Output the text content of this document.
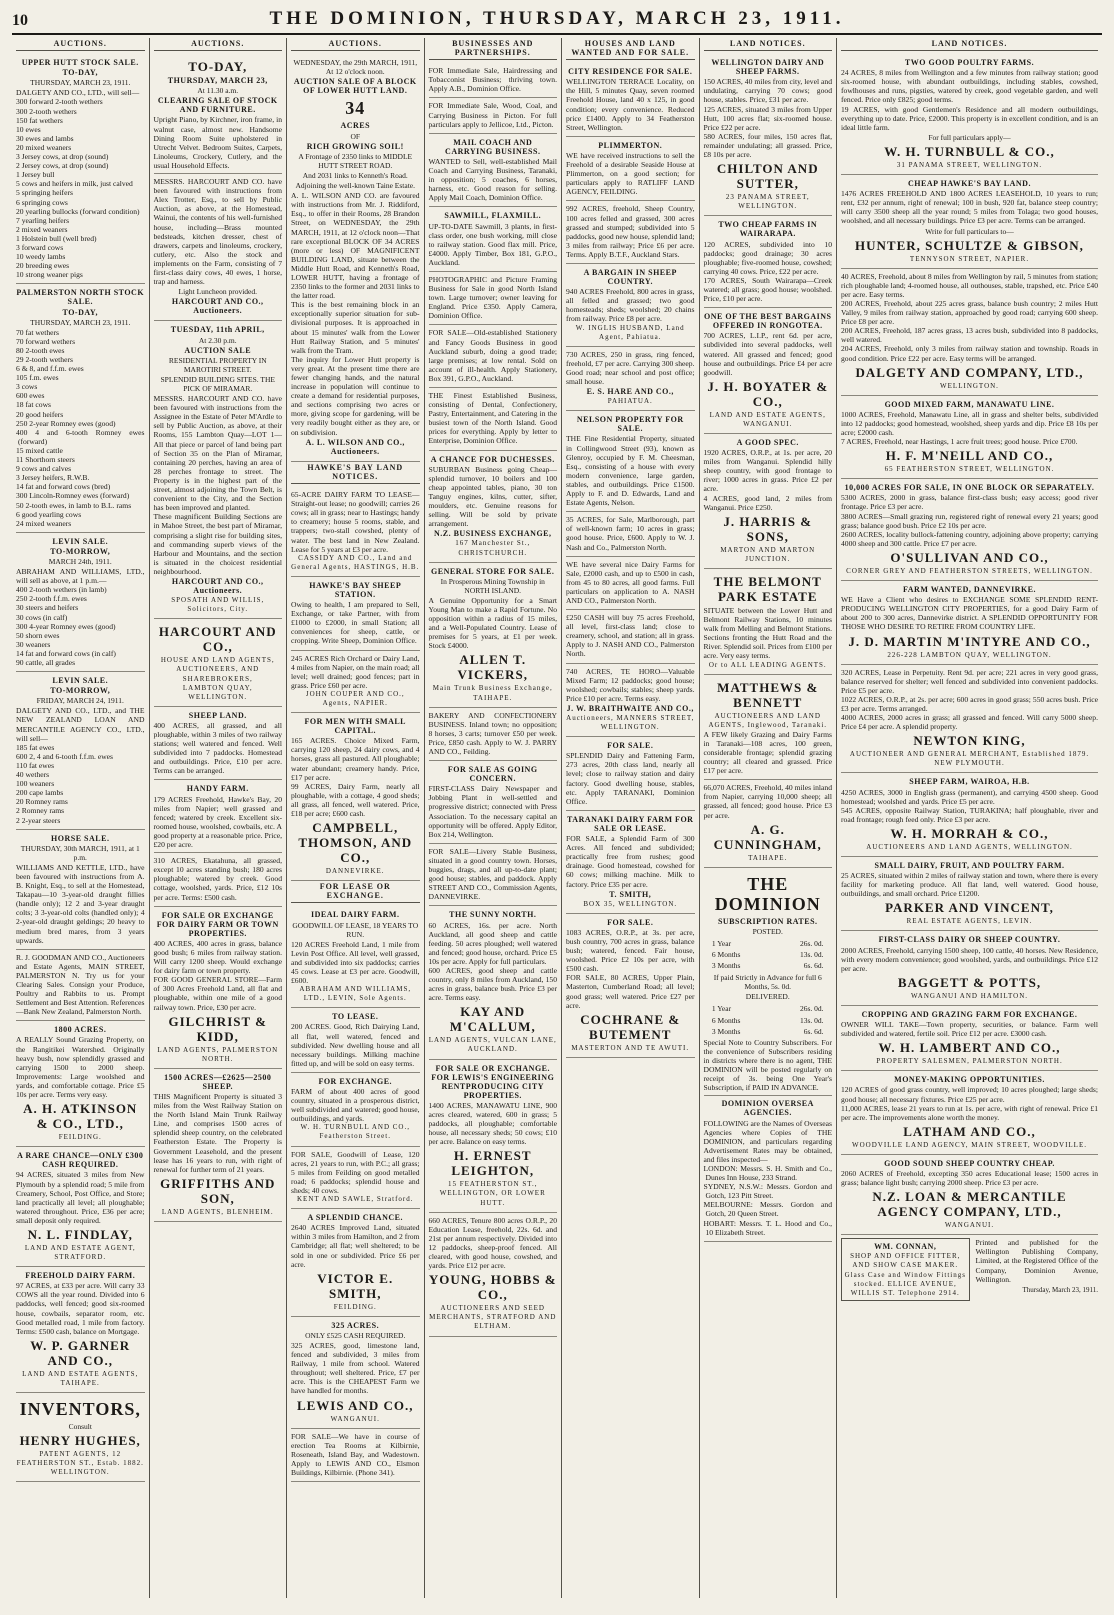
10	THE DOMINION, THURSDAY, MARCH 23, 1911.
AUCTIONS.
UPPER HUTT STOCK SALE.
TO-DAY,
THURSDAY, MARCH 23, 1911.
DALGETY AND CO., LTD., will sell—
300 forward 2-tooth wethers
300 2-tooth wethers
150 fat wethers
10 ewes
30 ewes and lambs
20 mixed weaners
3 Jersey cows, at drop (sound)
2 Jersey cows, at drop (sound)
1 Jersey bull
5 cows and heifers in milk, just calved
5 springing heifers
6 springing cows
20 yearling bullocks (forward condition)
7 yearling heifers
2 mixed weaners
1 Holstein bull (well bred)
3 forward cows
10 weedy lambs
20 breeding ewes
10 strong weaner pigs
PALMERSTON NORTH STOCK SALE.
TO-DAY,
THURSDAY, MARCH 23, 1911.
70 fat wethers
70 forward wethers
80 2-tooth ewes
29 2-tooth wethers
6 & 8, and f.f.m. ewes
105 f.m. ewes
3 cows
600 ewes
18 fat cows
20 good heifers
250 2-year Romney ewes (good)
400 4 and 6-tooth Romney ewes (forward)
15 mixed cattle
11 Shorthorn steers
9 cows and calves
3 Jersey heifers, R.W.B.
14 fat and forward cows (bred)
300 Lincoln-Romney ewes (forward)
50 2-tooth ewes, in lamb to B.L. rams
6 good yearling cows
24 mixed weaners
LEVIN SALE.
TO-MORROW,
MARCH 24th, 1911.
ABRAHAM AND WILLIAMS, LTD., will sell as above, at 1 p.m.—
400 2-tooth wethers (in lamb)
250 2-tooth f.f.m. ewes
30 steers and heifers
30 cows (in calf)
300 4-year Romney ewes (good)
50 shorn ewes
30 weaners
14 fat and forward cows (in calf)
90 cattle, all grades
LEVIN SALE.
TO-MORROW,
FRIDAY, MARCH 24, 1911.
DALGETY AND CO., LTD., and THE NEW ZEALAND LOAN AND MERCANTILE AGENCY CO., LTD., will sell—
185 fat ewes
600 2, 4 and 6-tooth f.f.m. ewes
110 fat ewes
40 wethers
100 weaners
200 cape lambs
20 Romney rams
2 Romney rams
2 2-year steers
HORSE SALE.
THURSDAY, 30th MARCH, 1911, at 1 p.m.
WILLIAMS AND KETTLE, LTD., have been favoured with instructions from A. B. Knight, Esq., to sell at the Homestead, Takapau—10 3-year-old draught fillies (handle only); 12 2 and 3-year draught colts; 3 3-year-old colts (handled only); 4 2-year-old draught geldings; 20 heavy to medium bred mares, from 3 years upwards.
R. J. GOODMAN AND CO., Auctioneers and Estate Agents, MAIN STREET, PALMERSTON N. Try us for your Clearing Sales. Consign your Produce, Poultry and Rabbits to us. Prompt Settlement and Best Attention. References—Bank New Zealand, Palmerston North.
1800 ACRES.
A REALLY Sound Grazing Property, on the Rangitikei Watershed. Originally heavy bush, now splendidly grassed and carrying 1500 to 2000 sheep. Improvements: Large woolshed and yards, and comfortable cottage. Price £5 10s per acre. Terms very easy.
A. H. ATKINSON & CO., LTD.,
FEILDING.
A RARE CHANCE—ONLY £300 CASH REQUIRED.
94 ACRES, situated 3 miles from New Plymouth by a splendid road; 5 mile from Creamery, School, Post Office, and Store; land practically all level; all ploughable; watered throughout. Price, £36 per acre; small deposit only required.
N. L. FINDLAY,
LAND AND ESTATE AGENT, STRATFORD.
FREEHOLD DAIRY FARM.
97 ACRES, at £33 per acre. Will carry 33 COWS all the year round. Divided into 6 paddocks, well fenced; good six-roomed house, cowbails, separator room, etc. Good metalled road, 1 mile from factory. Terms: £500 cash, balance on Mortgage.
W. P. GARNER AND CO.,
LAND AND ESTATE AGENTS, TAIHAPE.
INVENTORS,
Consult
HENRY HUGHES,
PATENT AGENTS, 12 FEATHERSTON ST., Estab. 1882. WELLINGTON.
AUCTIONS.
TO-DAY,
THURSDAY, MARCH 23,
At 11.30 a.m.
CLEARING SALE OF STOCK AND FURNITURE.
Upright Piano, by Kirchner, iron frame, in walnut case, almost new. Handsome Dining Room Suite upholstered in Utrecht Velvet. Bedroom Suites, Carpets, Linoleums, Crockery, Cutlery, and the usual Household Effects.
MESSRS. HARCOURT AND CO. have been favoured with instructions from Alex Trotter, Esq., to sell by Public Auction, as above, at the Homestead, Wainui, the contents of his well-furnished house, including—Brass mounted bedsteads, kitchen dresser, chest of drawers, carpets and linoleums, crockery, cutlery, etc. Also the stock and implements on the Farm, consisting of 7 first-class dairy cows, 40 ewes, 1 horse, trap and harness.
Light Luncheon provided.
HARCOURT AND CO., Auctioneers.
TUESDAY, 11th APRIL,
At 2.30 p.m.
AUCTION SALE
RESIDENTIAL PROPERTY IN MAROTIRI STREET.
SPLENDID BUILDING SITES. THE PICK OF MIRAMAR.
MESSRS. HARCOURT AND CO. have been favoured with instructions from the Assignee in the Estate of Peter M'Ardle to sell by Public Auction, as above, at their Rooms, 155 Lambton Quay—LOT 1—All that piece or parcel of land being part of Section 35 on the Plan of Miramar, containing 20 perches, having an area of 28 perches frontage to street. The Property is in the highest part of the street, almost adjoining the Town Belt, is convenient to the City, and the Section has been improved and planted.
These magnificent Building Sections are in Mahoe Street, the best part of Miramar, comprising a slight rise for building sites, and commanding superb views of the Harbour and Mountains, and the section is situated in the choicest residential neighbourhood.
HARCOURT AND CO., Auctioneers.
SPOSATH AND WILLIS, Solicitors, City.
HARCOURT AND CO.,
HOUSE AND LAND AGENTS, AUCTIONEERS, AND SHAREBROKERS,
LAMBTON QUAY, WELLINGTON.
SHEEP LAND.
400 ACRES, all grassed, and all ploughable, within 3 miles of two railway stations; well watered and fenced. Well subdivided into 7 paddocks. Homestead and outbuildings. Price, £10 per acre. Terms can be arranged.
HANDY FARM.
179 ACRES Freehold, Hawke's Bay, 20 miles from Napier; well grassed and fenced; watered by creek. Excellent six-roomed house, woolshed, cowbails, etc. A good property at a reasonable price. Price, £20 per acre.
310 ACRES, Ekatahuna, all grassed, except 10 acres standing bush; 180 acres ploughable; watered by creek. Good cottage, woolshed, yards. Price, £12 10s per acre. Terms: £500 cash.
FOR SALE OR EXCHANGE FOR DAIRY FARM OR TOWN PROPERTIES.
400 ACRES, 400 acres in grass, balance good bush; 6 miles from railway station. Will carry 1200 sheep. Would exchange for dairy farm or town property.
FOR GOOD GENERAL STORE—Farm of 300 Acres Freehold Land, all flat and ploughable, within one mile of a good railway town. Price, £30 per acre.
GILCHRIST & KIDD,
LAND AGENTS, PALMERSTON NORTH.
1500 ACRES—£2625—2500 SHEEP.
THIS Magnificent Property is situated 3 miles from the West Railway Station on the North Island Main Trunk Railway Line, and comprises 1500 acres of splendid sheep country, on the celebrated Featherston Estate. The Property is Government Leasehold, and the present lease has 16 years to run, with right of renewal for further term of 21 years.
GRIFFITHS AND SON,
LAND AGENTS, BLENHEIM.
AUCTIONS.
WEDNESDAY, the 29th MARCH, 1911, At 12 o'clock noon.
AUCTION SALE OF A BLOCK OF LOWER HUTT LAND.
34
ACRES
OF
RICH GROWING SOIL!
A Frontage of 2350 links to MIDDLE HUTT STREET ROAD.
And 2031 links to Kenneth's Road.
Adjoining the well-known Taine Estate.
A. L. WILSON AND CO. are favoured with instructions from Mr. J. Riddiford, Esq., to offer in their Rooms, 28 Brandon Street, on WEDNESDAY, the 29th MARCH, 1911, at 12 o'clock noon—That rare exceptional BLOCK OF 34 ACRES (more or less) OF MAGNIFICENT BUILDING LAND, situate between the Middle Hutt Road, and Kenneth's Road, LOWER HUTT, having a frontage of 2350 links to the former and 2031 links to the latter road.
This is the best remaining block in an exceptionally superior situation for sub-divisional purposes. It is approached in about 15 minutes' walk from the Lower Hutt Railway Station, and 5 minutes' walk from the Tram.
The inquiry for Lower Hutt property is very great. At the present time there are fewer changing hands, and the natural increase in population will continue to create a demand for residential purposes, and sections comprising two acres or more, giving scope for gardening, will be very readily bought either as they are, or on subdivision.
A. L. WILSON AND CO., Auctioneers.
HAWKE'S BAY LAND NOTICES.
65-ACRE DAIRY FARM TO LEASE—Straight-out lease; no goodwill; carries 26 cows; all in grass; near to Hastings; handy to creamery; house 5 rooms, stable, and trappers; two-stall cowshed, plenty of water. The best land in New Zealand. Lease for 5 years at £3 per acre.
CASSIDY AND CO., Land and General Agents, HASTINGS, H.B.
HAWKE'S BAY SHEEP STATION.
Owing to health, I am prepared to Sell, Exchange, or take Partner, with from £1000 to £2000, in small Station; all conveniences for sheep, cattle, or cropping. Write Sheep, Dominion Office.
245 ACRES Rich Orchard or Dairy Land, 4 miles from Napier, on the main road; all level; well drained; good fences; part in grass. Price £60 per acre.
JOHN COUPER AND CO., Agents, NAPIER.
FOR MEN WITH SMALL CAPITAL.
165 ACRES. Choice Mixed Farm, carrying 120 sheep, 24 dairy cows, and 4 horses, grass all pastured. All ploughable; water abundant; creamery handy. Price, £17 per acre.
99 ACRES, Dairy Farm, nearly all ploughable, with a cottage, 4 good sheds; all grass, all fenced, well watered. Price, £18 per acre; £600 cash.
CAMPBELL, THOMSON, AND CO.,
DANNEVIRKE.
FOR LEASE OR EXCHANGE.
IDEAL DAIRY FARM.
GOODWILL OF LEASE, 18 YEARS TO RUN.
120 ACRES Freehold Land, 1 mile from Levin Post Office. All level, well grassed, and subdivided into six paddocks; carries 45 cows. Lease at £3 per acre. Goodwill, £600.
ABRAHAM AND WILLIAMS, LTD., LEVIN, Sole Agents.
TO LEASE.
200 ACRES. Good, Rich Dairying Land, all flat, well watered, fenced and subdivided. New dwelling house and all necessary buildings. Milking machine fitted up, and will be sold on easy terms.
FOR EXCHANGE.
FARM of about 400 acres of good country, situated in a prosperous district, well subdivided and watered; good house, outbuildings, and yards.
W. H. TURNBULL AND CO., Featherston Street.
FOR SALE, Goodwill of Lease, 120 acres, 21 years to run, with P.C.; all grass; 5 miles from Feilding on good metalled road; 6 paddocks; splendid house and sheds; 40 cows.
KENT AND SAWLE, Stratford.
A SPLENDID CHANCE.
2640 ACRES Improved Land, situated within 3 miles from Hamilton, and 2 from Cambridge; all flat; well sheltered; to be sold in one or subdivided. Price £6 per acre.
VICTOR E. SMITH,
FEILDING.
325 ACRES.
ONLY £525 CASH REQUIRED.
325 ACRES, good, limestone land, fenced and subdivided, 3 miles from Railway, 1 mile from school. Watered throughout; well sheltered. Price, £7 per acre. This is the CHEAPEST Farm we have handled for months.
LEWIS AND CO.,
WANGANUI.
FOR SALE—We have in course of erection Tea Rooms at Kilbirnie, Roseneath, Island Bay, and Wadestown. Apply to LEWIS AND CO., Elsmon Buildings, Kilbirnie. (Phone 341).
BUSINESSES AND PARTNERSHIPS.
FOR Immediate Sale, Hairdressing and Tobacconist Business; thriving town. Apply A.B., Dominion Office.
FOR Immediate Sale, Wood, Coal, and Carrying Business in Picton. For full particulars apply to Jellicoe, Ltd., Picton.
MAIL COACH AND CARRYING BUSINESS.
WANTED to Sell, well-established Mail Coach and Carrying Business, Taranaki, in opposition; 5 coaches, 6 horses, harness, etc. Good reason for selling. Apply Mail Coach, Dominion Office.
SAWMILL, FLAXMILL.
UP-TO-DATE Sawmill, 3 plants, in first-class order, one bush working, mill close to railway station. Good flax mill. Price, £4000. Apply Timber, Box 181, G.P.O., Auckland.
PHOTOGRAPHIC and Picture Framing Business for Sale in good North Island town. Large turnover; owner leaving for England. Price £350. Apply Camera, Dominion Office.
FOR SALE—Old-established Stationery and Fancy Goods Business in good Auckland suburb, doing a good trade; large premises; at low rental. Sold on account of ill-health. Apply Stationery, Box 391, G.P.O., Auckland.
THE Finest Established Business, consisting of Dental, Confectionery, Pastry, Entertainment, and Catering in the busiest town of the North Island. Good prices for everything. Apply by letter to Enterprise, Dominion Office.
A CHANCE FOR DUCHESSES.
SUBURBAN Business going Cheap—splendid turnover, 10 boilers and 100 cheap appointed tables, piano, 30 ton Tanguy engines, kilns, cutter, sifter, moulders, etc. Genuine reasons for selling. Will be sold by private arrangement.
N.Z. BUSINESS EXCHANGE,
167 Manchester St., CHRISTCHURCH.
GENERAL STORE FOR SALE.
In Prosperous Mining Township in NORTH ISLAND.
A Genuine Opportunity for a Smart Young Man to make a Rapid Fortune. No opposition within a radius of 15 miles, and a Well-Populated Country. Lease of premises for 5 years, at £1 per week. Stock £4000.
ALLEN T. VICKERS,
Main Trunk Business Exchange, TAIHAPE.
BAKERY AND CONFECTIONERY BUSINESS. Inland town; no opposition; 8 horses, 3 carts; turnover £50 per week. Price, £850 cash. Apply to W. J. PARRY AND CO., Feilding.
FOR SALE AS GOING CONCERN.
FIRST-CLASS Dairy Newspaper and Jobbing Plant in well-settled and progressive district; connected with Press Association. To the necessary capital an opportunity will be offered. Apply Editor, Box 214, Wellington.
FOR SALE—Livery Stable Business, situated in a good country town. Horses, buggies, drags, and all up-to-date plant; good house; stables, and paddock. Apply STREET AND CO., Commission Agents, DANNEVIRKE.
THE SUNNY NORTH.
60 ACRES, 16s. per acre. North Auckland, all good sheep and cattle feeding. 50 acres ploughed; well watered and fenced; good house, orchard. Price £5 10s per acre. Apply for full particulars.
600 ACRES, good sheep and cattle country, only 8 miles from Auckland, 150 acres in grass, balance bush. Price £3 per acre. Terms easy.
KAY AND M'CALLUM,
LAND AGENTS, VULCAN LANE, AUCKLAND.
FOR SALE OR EXCHANGE. FOR LEWIS'S ENGINEERING RENTPRODUCING CITY PROPERTIES.
1400 ACRES, MANAWATU LINE, 900 acres cleared, watered, 600 in grass; 5 paddocks, all ploughable; comfortable house, all necessary sheds; 50 cows; £10 per acre. Balance on easy terms.
H. ERNEST LEIGHTON,
15 FEATHERSTON ST., WELLINGTON, OR LOWER HUTT.
660 ACRES, Tenure 800 acres O.R.P., 20 Education Lease, freehold, 22s. 6d. and 21st per annum respectively. Divided into 12 paddocks, sheep-proof fenced. All cleared, with good house, cowshed, and yards. Price £12 per acre.
YOUNG, HOBBS & CO.,
AUCTIONEERS AND SEED MERCHANTS, STRATFORD AND ELTHAM.
HOUSES AND LAND WANTED AND FOR SALE.
CITY RESIDENCE FOR SALE.
WELLINGTON TERRACE Locality, on the Hill, 5 minutes Quay, seven roomed Freehold House, land 40 x 125, in good condition; every convenience. Reduced price £1400. Apply to 34 Featherston Street, Wellington.
PLIMMERTON.
WE have received instructions to sell the Freehold of a desirable Seaside House at Plimmerton, on a good section; for particulars apply to RATLIFF LAND AGENCY, FEILDING.
992 ACRES, freehold, Sheep Country, 100 acres felled and grassed, 300 acres grassed and stumped; subdivided into 5 paddocks, good new house, splendid land; 3 miles from railway; Price £6 per acre. Terms. Apply B.T.F., Auckland Stars.
A BARGAIN IN SHEEP COUNTRY.
940 ACRES Freehold, 800 acres in grass, all felled and grassed; two good homesteads; sheds; woolshed; 20 chains from railway. Price £8 per acre.
W. INGLIS HUSBAND, Land Agent, Pahiatua.
730 ACRES, 250 in grass, ring fenced, freehold, £7 per acre. Carrying 300 sheep. Good road; near school and post office; small house.
E. S. HARE AND CO.,
PAHIATUA.
NELSON PROPERTY FOR SALE.
THE Fine Residential Property, situated in Collingwood Street (93), known as Glenroy, occupied by F. M. Cheesman, Esq., consisting of a house with every modern convenience, large garden, stables, and outbuildings. Price £1500. Apply to F. and D. Edwards, Land and Estate Agents, Nelson.
35 ACRES, for Sale, Marlborough, part of well-known farm; 10 acres in grass; good house. Price, £600. Apply to W. J. Nash and Co., Palmerston North.
WE have several nice Dairy Farms for Sale, £2000 cash, and up to £500 in cash, from 45 to 80 acres, all good farms. Full particulars on application to A. NASH AND CO., Palmerston North.
£250 CASH will buy 75 acres Freehold, all level, first-class land; close to creamery, school, and station; all in grass. Apply to J. NASH AND CO., Palmerston North.
740 ACRES, TE HORO—Valuable Mixed Farm; 12 paddocks; good house; woolshed; cowbails; stables; sheep yards. Price £10 per acre. Terms easy.
J. W. BRAITHWAITE AND CO.,
Auctioneers, MANNERS STREET, WELLINGTON.
FOR SALE.
SPLENDID Dairy and Fattening Farm, 273 acres, 20th class land, nearly all level; close to railway station and dairy factory. Good dwelling house, stables, etc. Apply TARANAKI, Dominion Office.
TARANAKI DAIRY FARM FOR SALE OR LEASE.
FOR SALE, a Splendid Farm of 300 Acres. All fenced and subdivided; practically free from rushes; good drainage. Good homestead, cowshed for 60 cows; milking machine. Milk to factory. Price £35 per acre.
T. SMITH,
BOX 35, WELLINGTON.
FOR SALE.
1083 ACRES, O.R.P., at 3s. per acre, bush country, 700 acres in grass, balance bush; watered, fenced. Fair house, woolshed. Price £2 10s per acre, with £500 cash.
FOR SALE, 80 ACRES, Upper Plain, Masterton, Cumberland Road; all level; good grass; well watered. Price £27 per acre.
COCHRANE & BUTEMENT
MASTERTON AND TE AWUTI.
LAND NOTICES.
WELLINGTON DAIRY AND SHEEP FARMS.
150 ACRES, 40 miles from city, level and undulating, carrying 70 cows; good house, stables. Price, £31 per acre.
125 ACRES, situated 3 miles from Upper Hutt, 100 acres flat; six-roomed house. Price £22 per acre.
580 ACRES, four miles, 150 acres flat, remainder undulating; all grassed. Price, £8 10s per acre.
CHILTON AND SUTTER,
23 PANAMA STREET, WELLINGTON.
TWO CHEAP FARMS IN WAIRARAPA.
120 ACRES, subdivided into 10 paddocks; good drainage; 30 acres ploughable; five-roomed house, cowshed; carrying 40 cows. Price, £22 per acre.
170 ACRES, South Wairarapa—Creek watered; all grass; good house; woolshed. Price, £10 per acre.
ONE OF THE BEST BARGAINS OFFERED IN RONGOTEA.
700 ACRES, L.I.P., rent 6d. per acre, subdivided into several paddocks, well watered. All grassed and fenced; good house and outbuildings. Price £4 per acre goodwill.
J. H. BOYATER & CO.,
LAND AND ESTATE AGENTS, WANGANUI.
A GOOD SPEC.
1920 ACRES, O.R.P., at 1s. per acre, 20 miles from Wanganui. Splendid hilly sheep country, with good frontage to river; 1000 acres in grass. Price £2 per acre.
4 ACRES, good land, 2 miles from Wanganui. Price £250.
J. HARRIS & SONS,
MARTON AND MARTON JUNCTION.
THE BELMONT PARK ESTATE
SITUATE between the Lower Hutt and Belmont Railway Stations, 10 minutes walk from Melling and Belmont Stations. Sections fronting the Hutt Road and the River. Splendid soil. Prices from £100 per acre. Very easy terms.
Or to ALL LEADING AGENTS.
MATTHEWS & BENNETT
AUCTIONEERS AND LAND AGENTS, Inglewood, Taranaki.
A FEW likely Grazing and Dairy Farms in Taranaki—108 acres, 100 green, considerable frontage; splendid grazing country; all cleared and grassed. Price £17 per acre.
66,070 ACRES, Freehold, 40 miles inland from Napier, carrying 10,000 sheep; all grassed, all fenced; good house. Price £3 per acre.
A. G. CUNNINGHAM,
TAIHAPE.
THE DOMINION
SUBSCRIPTION RATES.
POSTED.
1 Year	26s. 0d.
6 Months	13s. 0d.
3 Months	6s. 6d.
If paid Strictly in Advance for full 6 Months, 5s. 0d.
DELIVERED.
1 Year	26s. 0d.
6 Months	13s. 0d.
3 Months	6s. 6d.
Special Note to Country Subscribers. For the convenience of Subscribers residing in districts where there is no agent, THE DOMINION will be posted regularly on receipt of 3s. being One Year's Subscription, if PAID IN ADVANCE.
DOMINION OVERSEA AGENCIES.
FOLLOWING are the Names of Overseas Agencies where Copies of THE DOMINION, and particulars regarding Advertisement Rates may be obtained, and files inspected—
LONDON: Messrs. S. H. Smith and Co., Dunes Inn House, 233 Strand.
SYDNEY, N.S.W.: Messrs. Gordon and Gotch, 123 Pitt Street.
MELBOURNE: Messrs. Gordon and Gotch, 20 Queen Street.
HOBART: Messrs. T. L. Hood and Co., 10 Elizabeth Street.
LAND NOTICES.
TWO GOOD POULTRY FARMS.
24 ACRES, 8 miles from Wellington and a few minutes from railway station; good six-roomed house, with abundant outbuildings, including stables, cowshed, fowlhouses and runs, pigsties, watered by creek, good vegetable garden, and well fenced. Price only £825; good terms.
19 ACRES, with good Gentlemen's Residence and all modern outbuildings, everything up to date. Price, £2000. This property is in excellent condition, and is an ideal little farm.
For full particulars apply—
W. H. TURNBULL & CO.,
31 PANAMA STREET, WELLINGTON.
CHEAP HAWKE'S BAY LAND.
1476 ACRES FREEHOLD AND 1800 ACRES LEASEHOLD, 10 years to run; rent, £32 per annum, right of renewal; 100 in bush, 920 fat, balance steep country; will carry 3500 sheep all the year round; 5 miles from Tolaga; two good houses, woolshed, and all necessary buildings. Price £3 per acre. Terms can be arranged.
Write for full particulars to—
HUNTER, SCHULTZE & GIBSON,
TENNYSON STREET, NAPIER.
40 ACRES, Freehold, about 8 miles from Wellington by rail, 5 minutes from station; rich ploughable land; 4-roomed house, all outhouses, stable, trapshed, etc. Price £40 per acre. Easy terms.
200 ACRES, Freehold, about 225 acres grass, balance bush country; 2 miles Hutt Valley, 9 miles from railway station, approached by good road; carrying 600 sheep. Price £8 per acre.
200 ACRES, Freehold, 187 acres grass, 13 acres bush, subdivided into 8 paddocks, well watered.
204 ACRES, Freehold, only 3 miles from railway station and township. Roads in good condition. Price £22 per acre. Easy terms will be arranged.
DALGETY AND COMPANY, LTD.,
WELLINGTON.
GOOD MIXED FARM, MANAWATU LINE.
1000 ACRES, Freehold, Manawatu Line, all in grass and shelter belts, subdivided into 12 paddocks; good homestead, woolshed, sheep yards and dip. Price £8 10s per acre; £2000 cash.
7 ACRES, Freehold, near Hastings, 1 acre fruit trees; good house. Price £700.
H. F. M'NEILL AND CO.,
65 FEATHERSTON STREET, WELLINGTON.
10,000 ACRES FOR SALE, IN ONE BLOCK OR SEPARATELY.
5300 ACRES, 2000 in grass, balance first-class bush; easy access; good river frontage. Price £3 per acre.
3800 ACRES—Small grazing run, registered right of renewal every 21 years; good grass; balance good bush. Price £2 10s per acre.
2600 ACRES, locality bullock-fattening country, adjoining above property; carrying 4000 sheep and 300 cattle. Price £7 per acre.
O'SULLIVAN AND CO.,
CORNER GREY AND FEATHERSTON STREETS, WELLINGTON.
FARM WANTED, DANNEVIRKE.
WE Have a Client who desires to EXCHANGE SOME SPLENDID RENT-PRODUCING WELLINGTON CITY PROPERTIES, for a good Dairy Farm of about 200 to 300 acres, Dannevirke district. A SPLENDID OPPORTUNITY FOR THOSE WHO DESIRE TO RETIRE FROM COUNTRY LIFE.
J. D. MARTIN M'INTYRE AND CO.,
226-228 LAMBTON QUAY, WELLINGTON.
320 ACRES, Lease in Perpetuity. Rent 9d. per acre; 221 acres in very good grass, balance reserved for shelter; well fenced and subdivided into convenient paddocks. Price £5 per acre.
1022 ACRES, O.R.P., at 2s. per acre; 600 acres in good grass; 550 acres bush. Price £3 per acre. Terms arranged.
4000 ACRES, 2000 acres in grass; all grassed and fenced. Will carry 5000 sheep. Price £4 per acre. A splendid property.
NEWTON KING,
AUCTIONEER AND GENERAL MERCHANT, Established 1879. NEW PLYMOUTH.
SHEEP FARM, WAIROA, H.B.
4250 ACRES, 3000 in English grass (permanent), and carrying 4500 sheep. Good homestead; woolshed and yards. Price £5 per acre.
545 ACRES, opposite Railway Station, TURAKINA; half ploughable, river and road frontage; rough feed only. Price £3 per acre.
W. H. MORRAH & CO.,
AUCTIONEERS AND LAND AGENTS, WELLINGTON.
SMALL DAIRY, FRUIT, AND POULTRY FARM.
25 ACRES, situated within 2 miles of railway station and town, where there is every facility for marketing produce. All flat land, well watered. Good house, outbuildings, and small orchard. Price £1200.
PARKER AND VINCENT,
REAL ESTATE AGENTS, LEVIN.
FIRST-CLASS DAIRY OR SHEEP COUNTRY.
2000 ACRES, Freehold, carrying 1500 sheep, 100 cattle, 40 horses. New Residence, with every modern convenience; good woolshed, yards, and outbuildings. Price £12 per acre.
BAGGETT & POTTS,
WANGANUI AND HAMILTON.
CROPPING AND GRAZING FARM FOR EXCHANGE.
OWNER WILL TAKE—Town property, securities, or balance. Farm well subdivided and watered, fertile soil. Price £12 per acre. £3000 cash.
W. H. LAMBERT AND CO.,
PROPERTY SALESMEN, PALMERSTON NORTH.
MONEY-MAKING OPPORTUNITIES.
120 ACRES of good grass country, well improved; 10 acres ploughed; large sheds; good house; all necessary fixtures. Price £25 per acre.
11,000 ACRES, lease 21 years to run at 1s. per acre, with right of renewal. Price £1 per acre. The improvements alone worth the money.
LATHAM AND CO.,
WOODVILLE LAND AGENCY, MAIN STREET, WOODVILLE.
GOOD SOUND SHEEP COUNTRY CHEAP.
2060 ACRES of Freehold, excepting 350 acres Educational lease; 1500 acres in grass; balance light bush; carrying 2000 sheep. Price £3 per acre.
N.Z. LOAN & MERCANTILE AGENCY COMPANY, LTD.,
WANGANUI.
WM. CONNAN,
SHOP AND OFFICE FITTER, AND SHOW CASE MAKER. Glass Case and Window Fittings stocked. ELLICE AVENUE, WILLIS ST. Telephone 2914.
Printed and published for the Wellington Publishing Company, Limited, at the Registered Office of the Company, Dominion Avenue, Wellington.
Thursday, March 23, 1911.
